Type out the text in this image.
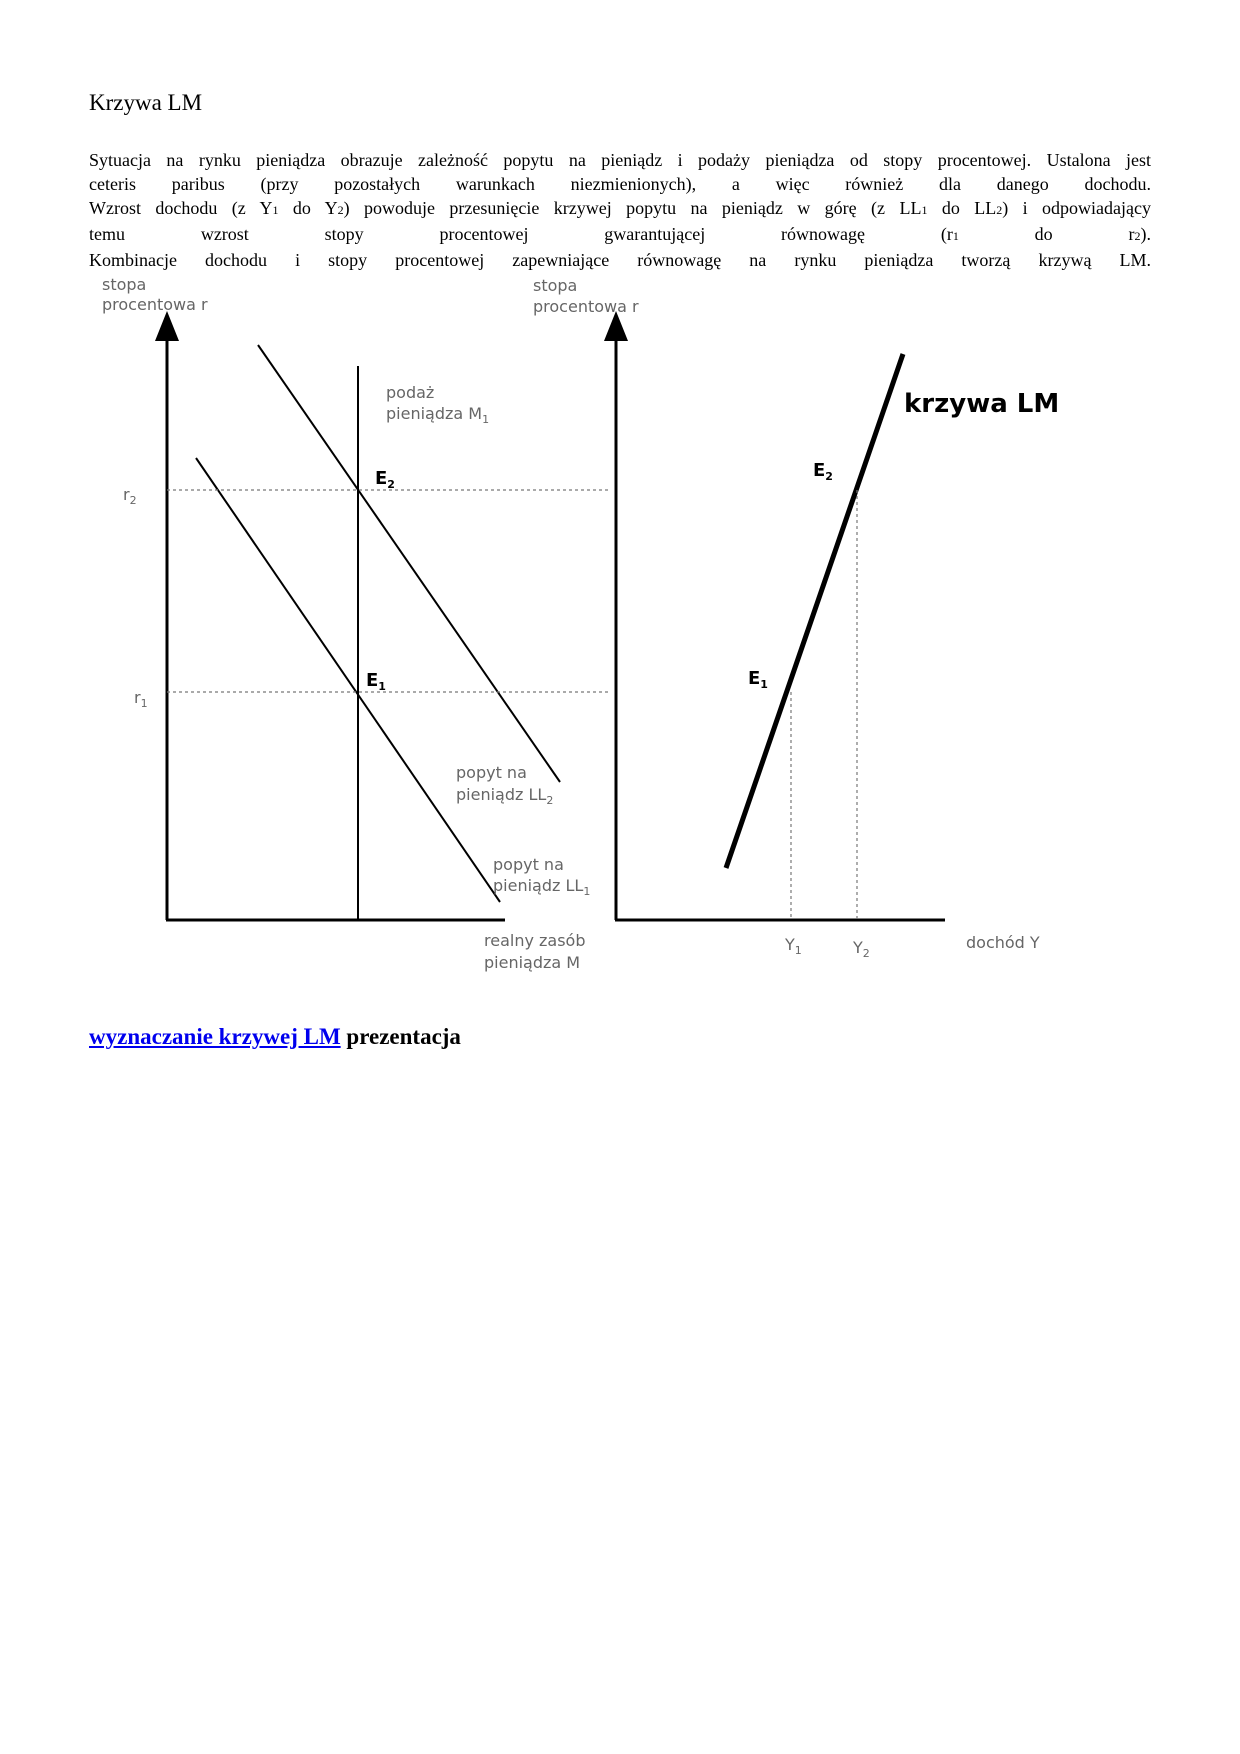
Krzywa LM
Sytuacja na rynku pieniądza obrazuje zależność popytu na pieniądz i podaży pieniądza od stopy procentowej. Ustalona jest
ceteris paribus (przy pozostałych warunkach niezmienionych), a więc również dla danego dochodu.
Wzrost dochodu (z Y1 do Y2) powoduje przesunięcie krzywej popytu na pieniądz w górę (z LL1 do LL2) i odpowiadający
temu wzrost stopy procentowej gwarantującej równowagę (r1 do r2).
Kombinacje dochodu i stopy procentowej zapewniające równowagę na rynku pieniądza tworzą krzywą LM.
stopa
procentowa r
realny zasób
pieniądza M
podaż
pieniądza $M_1$
popyt na
pieniądz $LL_2$
popyt na
pieniądz $LL_1$
$r_2$
$r_1$
$E_2$
$E_1$
stopa
procentowa r
dochód Y
krzywa LM
$E_2$
$E_1$
$Y_1$	$Y_2$

wyznaczanie krzywej LM prezentacja
